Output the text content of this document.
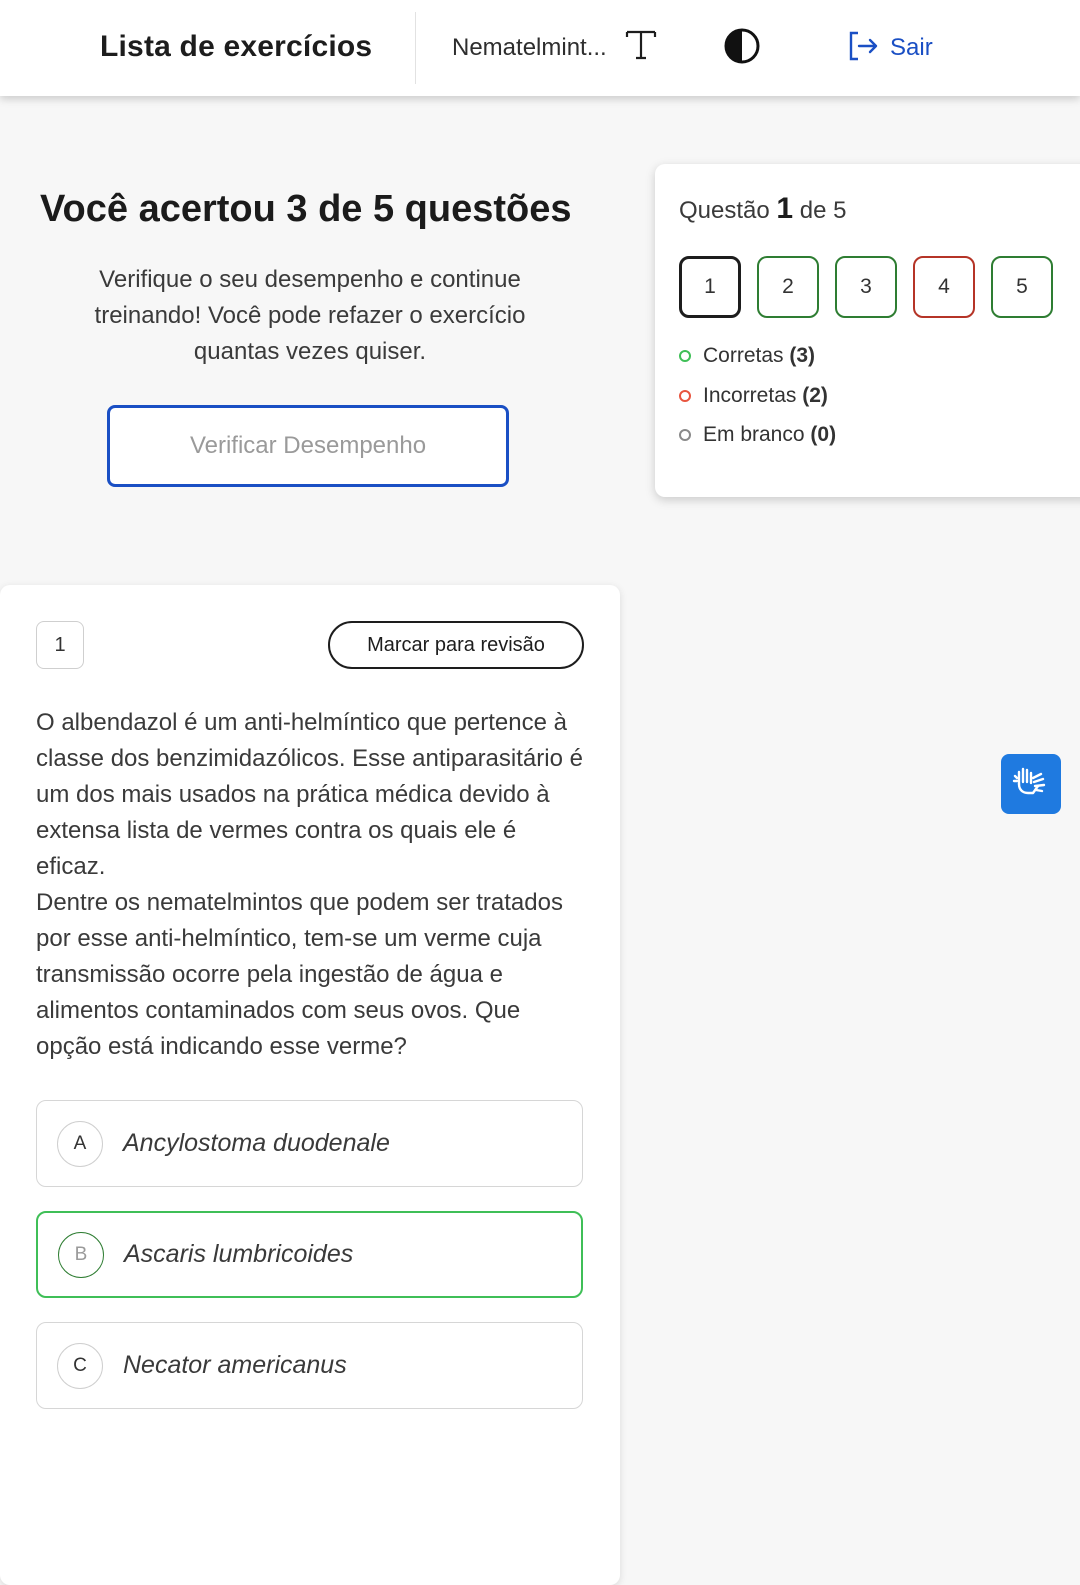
Lista de exercícios	Nematelmint...	Sair
Você acertou 3 de 5 questões
Verifique o seu desempenho e continue treinando! Você pode refazer o exercício quantas vezes quiser.
Verificar Desempenho
Questão 1 de 5
1	2	3	4	5
Corretas (3)
Incorretas (2)
Em branco (0)
1	Marcar para revisão

O albendazol é um anti-helmíntico que pertence à classe dos benzimidazólicos. Esse antiparasitário é um dos mais usados na prática médica devido à extensa lista de vermes contra os quais ele é eficaz.

Dentre os nematelmintos que podem ser tratados por esse anti-helmíntico, tem-se um verme cuja transmissão ocorre pela ingestão de água e alimentos contaminados com seus ovos. Que opção está indicando esse verme?

A	Ancylostoma duodenale
B	Ascaris lumbricoides
C	Necator americanus
